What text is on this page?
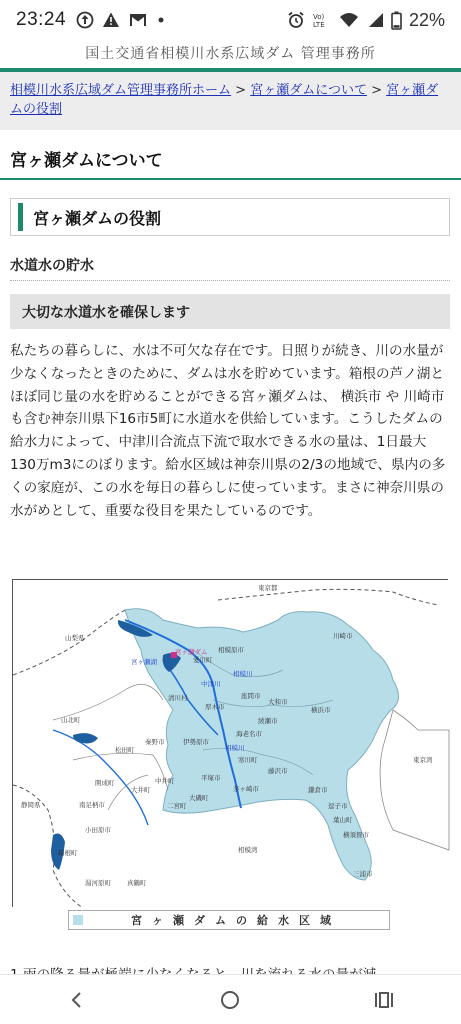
23:24	Vo)
LTE	22%
国土交通省相模川水系広域ダム 管理事務所
相模川水系広域ダム管理事務所ホーム > 宮ヶ瀬ダムについて > 宮ヶ瀬ダムの役割
宮ヶ瀬ダムについて
宮ヶ瀬ダムの役割
水道水の貯水
大切な水道水を確保します

私たちの暮らしに、水は不可欠な存在です。日照りが続き、川の水量が少なくなったときのために、ダムは水を貯めています。箱根の芦ノ湖とほぼ同じ量の水を貯めることができる宮ヶ瀬ダムは、 横浜市 や 川崎市 も含む神奈川県下16市5町に水道水を供給しています。こうしたダムの給水力によって、中津川合流点下流で取水できる水の量は、1日最大130万m3にのぼります。給水区域は神奈川県の2/3の地域で、県内の多くの家庭が、この水を毎日の暮らしに使っています。まさに神奈川県の水がめとして、重要な役目を果たしているのです。

東京都
山梨県
宮ヶ瀬ダム
宮ヶ瀬湖
相模原市
愛川町
相模川
中津川
清川村	座間市
大和市
川崎市
厚木市	横浜市
綾瀬市
海老名市
山北町
秦野市	伊勢原市
相模川
寒川町	東京湾
松田町
藤沢市
開成町	中井町	平塚市
大井町
大磯町
茅ヶ崎市	鎌倉市
南足柄市	二宮町	逗子市
静岡県
葉山町
小田原市
横須賀市
箱根町	相模湾
湯河原町 真鶴町
三浦市
宮ヶ瀬ダムの給水区域
